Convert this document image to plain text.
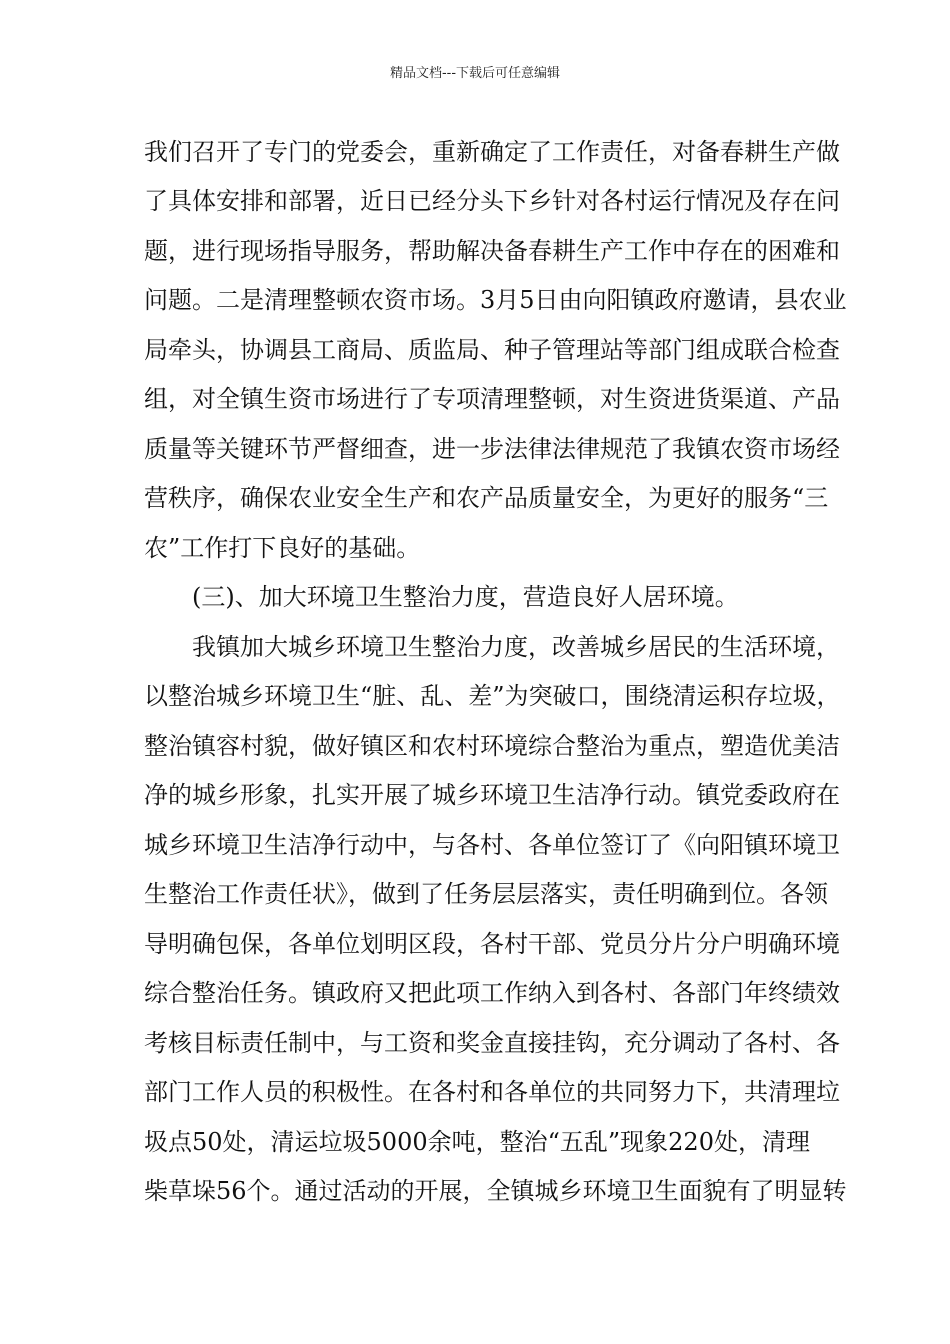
精品文档---下载后可任意编辑
我们召开了专门的党委会，重新确定了工作责任，对备春耕生产做
了具体安排和部署，近日已经分头下乡针对各村运行情况及存在问
题，进行现场指导服务，帮助解决备春耕生产工作中存在的困难和
问题。二是清理整顿农资市场。3月5日由向阳镇政府邀请，县农业
局牵头，协调县工商局、质监局、种子管理站等部门组成联合检查
组，对全镇生资市场进行了专项清理整顿，对生资进货渠道、产品
质量等关键环节严督细查，进一步法律法律规范了我镇农资市场经
营秩序，确保农业安全生产和农产品质量安全，为更好的服务“三
农”工作打下良好的基础。
(三)、加大环境卫生整治力度，营造良好人居环境。
我镇加大城乡环境卫生整治力度，改善城乡居民的生活环境，
以整治城乡环境卫生“脏、乱、差”为突破口，围绕清运积存垃圾，
整治镇容村貌，做好镇区和农村环境综合整治为重点，塑造优美洁
净的城乡形象，扎实开展了城乡环境卫生洁净行动。镇党委政府在
城乡环境卫生洁净行动中，与各村、各单位签订了《向阳镇环境卫
生整治工作责任状》，做到了任务层层落实，责任明确到位。各领
导明确包保，各单位划明区段，各村干部、党员分片分户明确环境
综合整治任务。镇政府又把此项工作纳入到各村、各部门年终绩效
考核目标责任制中，与工资和奖金直接挂钩，充分调动了各村、各
部门工作人员的积极性。在各村和各单位的共同努力下，共清理垃
圾点50处，清运垃圾5000余吨，整治“五乱”现象220处，清理
柴草垛56个。通过活动的开展，全镇城乡环境卫生面貌有了明显转
